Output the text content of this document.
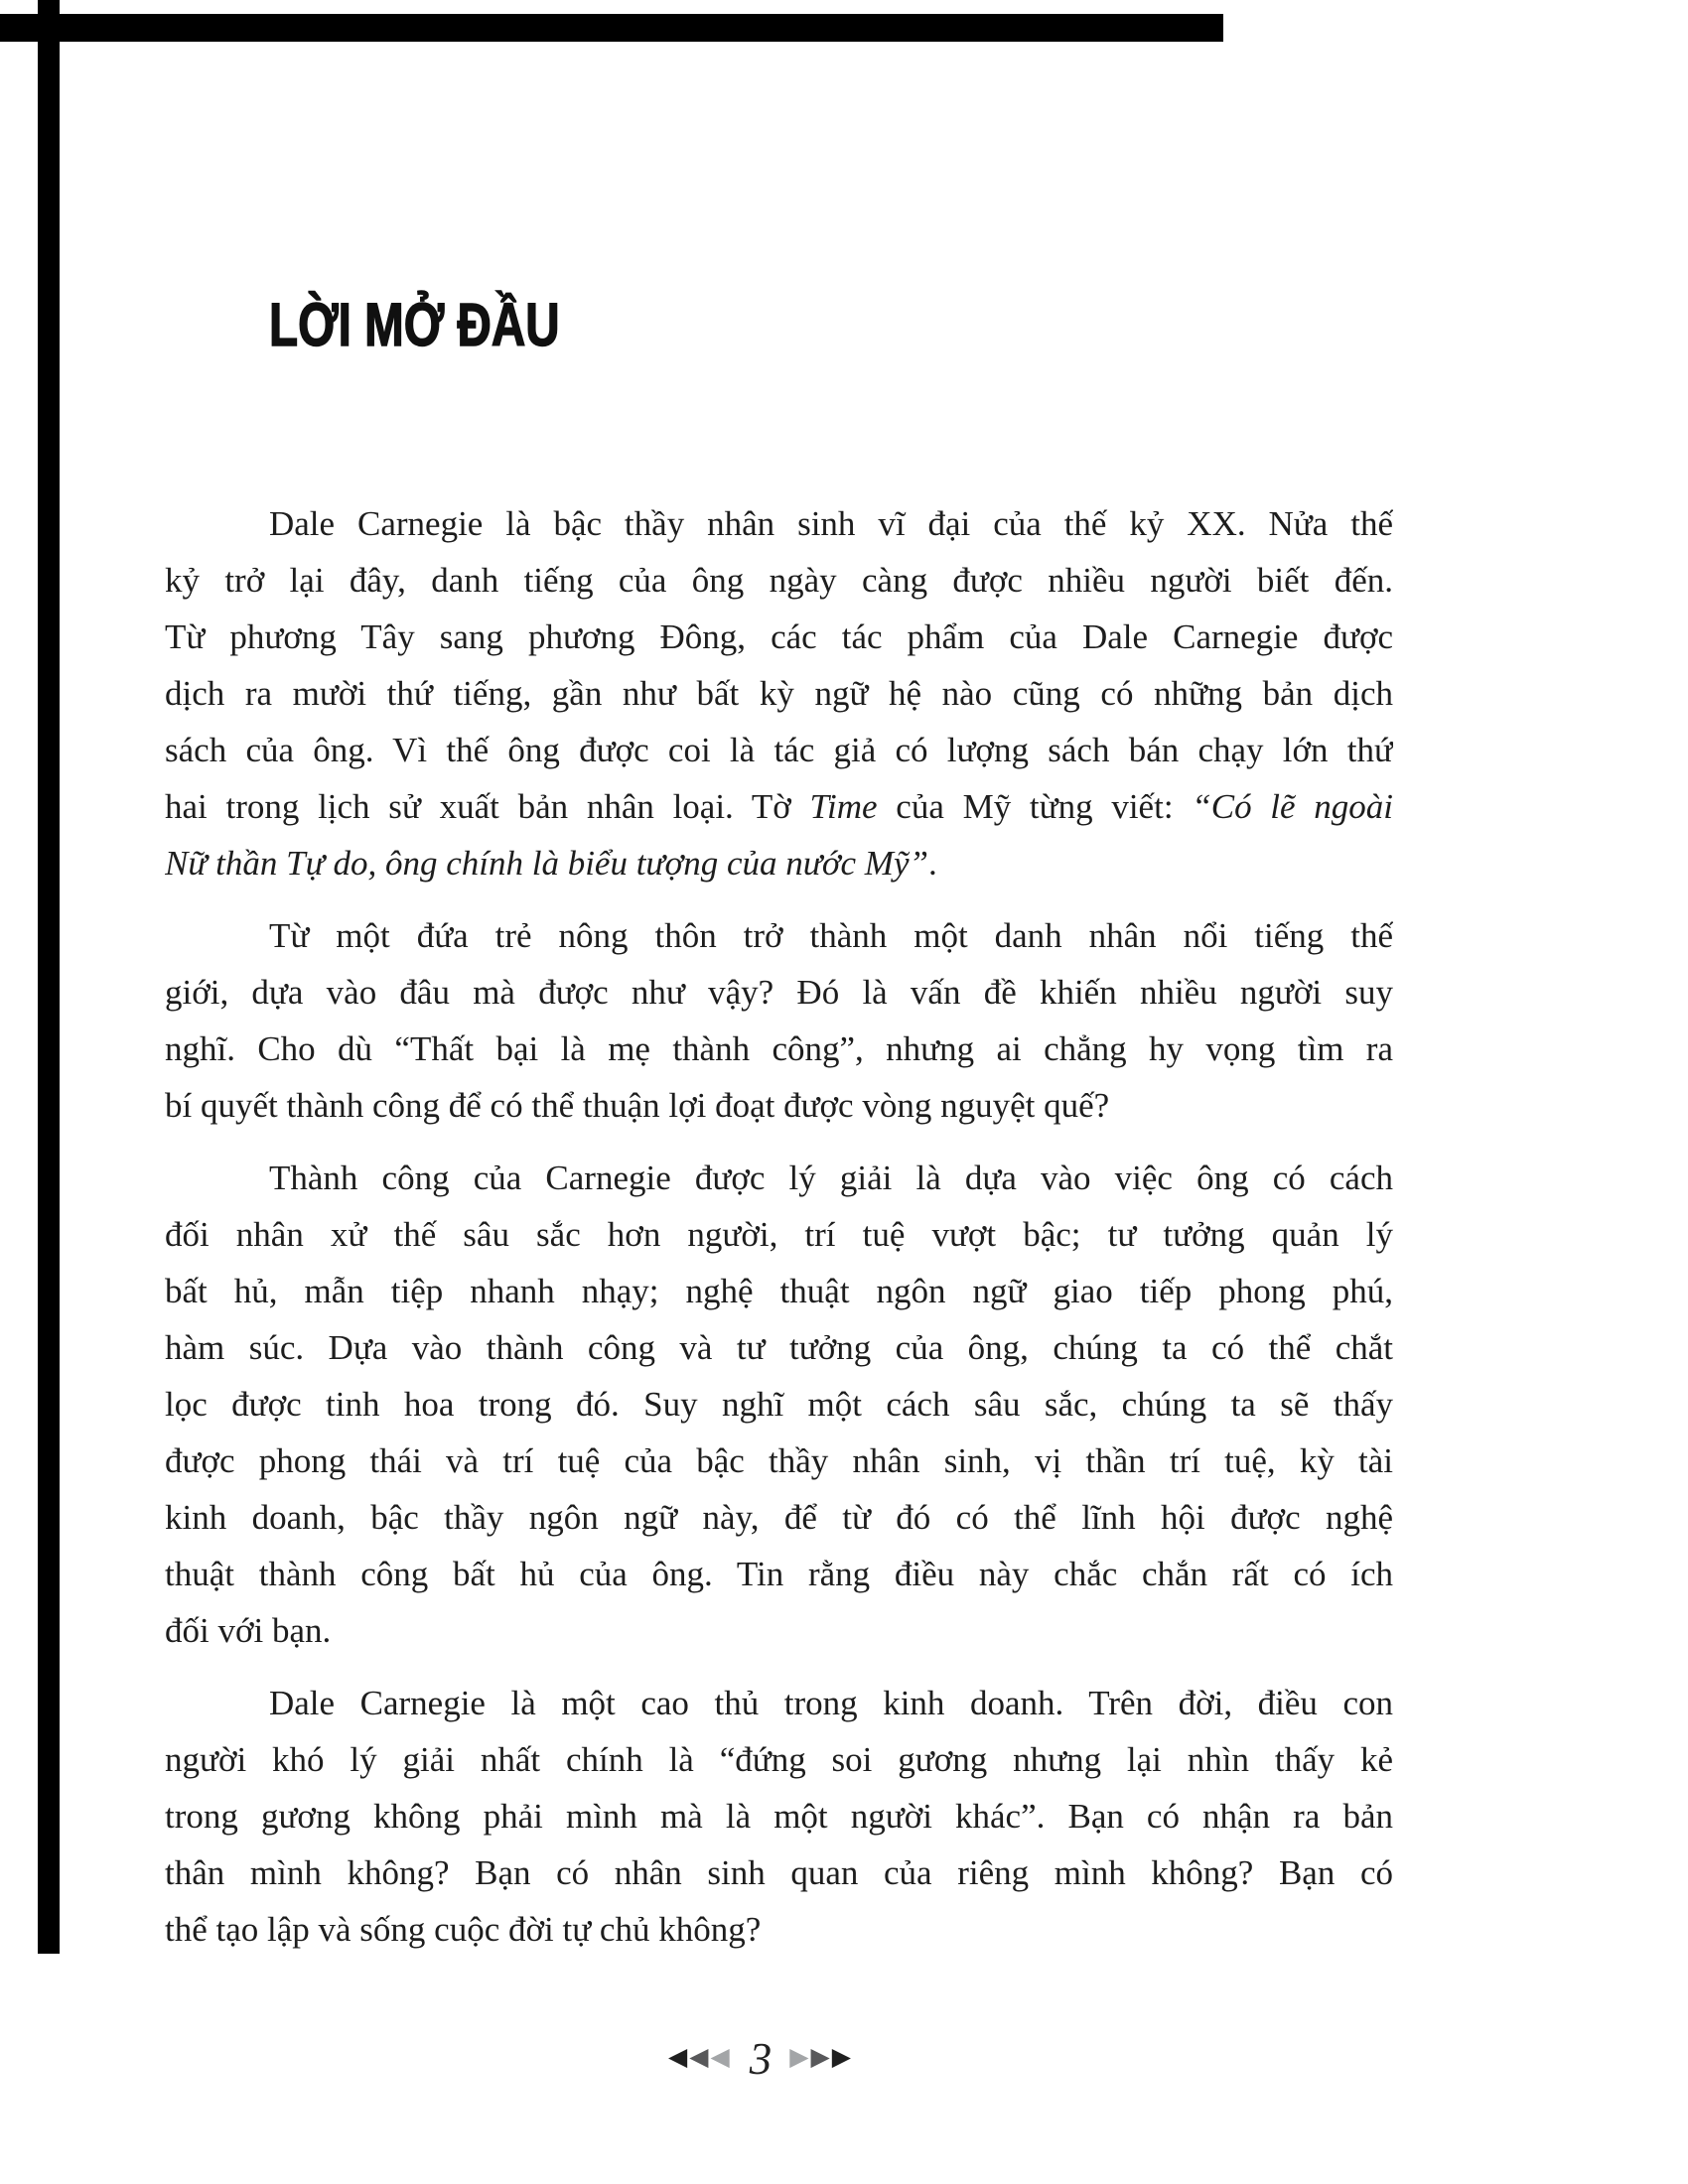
LỜI MỞ ĐẦU
Dale Carnegie là bậc thầy nhân sinh vĩ đại của thế kỷ XX. Nửa thế
kỷ trở lại đây, danh tiếng của ông ngày càng được nhiều người biết đến.
Từ phương Tây sang phương Đông, các tác phẩm của Dale Carnegie được
dịch ra mười thứ tiếng, gần như bất kỳ ngữ hệ nào cũng có những bản dịch
sách của ông. Vì thế ông được coi là tác giả có lượng sách bán chạy lớn thứ
hai trong lịch sử xuất bản nhân loại. Tờ Time của Mỹ từng viết: “Có lẽ ngoài
Nữ thần Tự do, ông chính là biểu tượng của nước Mỹ”.
Từ một đứa trẻ nông thôn trở thành một danh nhân nổi tiếng thế
giới, dựa vào đâu mà được như vậy? Đó là vấn đề khiến nhiều người suy
nghĩ. Cho dù “Thất bại là mẹ thành công”, nhưng ai chẳng hy vọng tìm ra
bí quyết thành công để có thể thuận lợi đoạt được vòng nguyệt quế?
Thành công của Carnegie được lý giải là dựa vào việc ông có cách
đối nhân xử thế sâu sắc hơn người, trí tuệ vượt bậc; tư tưởng quản lý
bất hủ, mẫn tiệp nhanh nhạy; nghệ thuật ngôn ngữ giao tiếp phong phú,
hàm súc. Dựa vào thành công và tư tưởng của ông, chúng ta có thể chắt
lọc được tinh hoa trong đó. Suy nghĩ một cách sâu sắc, chúng ta sẽ thấy
được phong thái và trí tuệ của bậc thầy nhân sinh, vị thần trí tuệ, kỳ tài
kinh doanh, bậc thầy ngôn ngữ này, để từ đó có thể lĩnh hội được nghệ
thuật thành công bất hủ của ông. Tin rằng điều này chắc chắn rất có ích
đối với bạn.
Dale Carnegie là một cao thủ trong kinh doanh. Trên đời, điều con
người khó lý giải nhất chính là “đứng soi gương nhưng lại nhìn thấy kẻ
trong gương không phải mình mà là một người khác”. Bạn có nhận ra bản
thân mình không? Bạn có nhân sinh quan của riêng mình không? Bạn có
thể tạo lập và sống cuộc đời tự chủ không?
◀◀◀ 3 ▶▶▶
